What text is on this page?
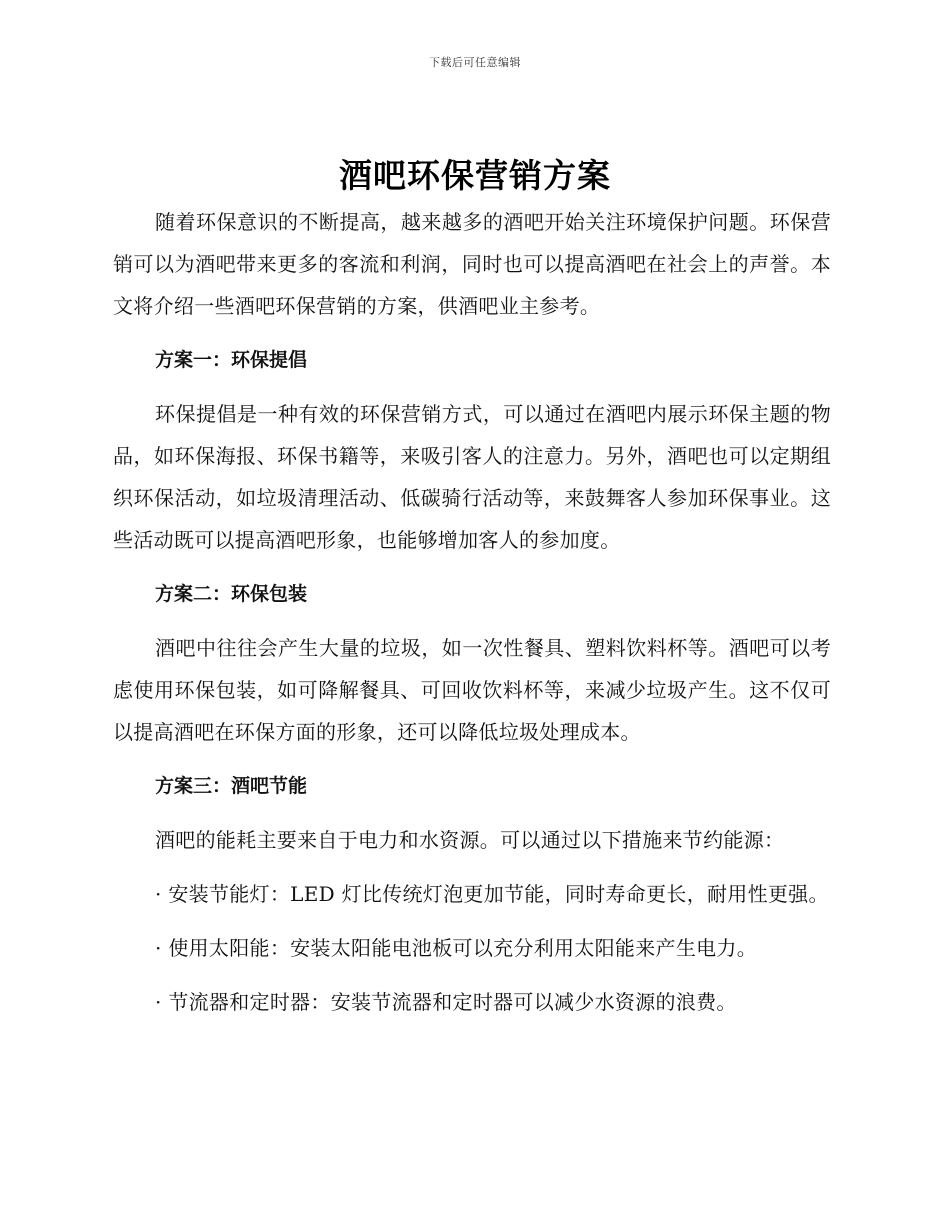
下载后可任意编辑
酒吧环保营销方案

随着环保意识的不断提高，越来越多的酒吧开始关注环境保护问题。环保营销可以为酒吧带来更多的客流和利润，同时也可以提高酒吧在社会上的声誉。本文将介绍一些酒吧环保营销的方案，供酒吧业主参考。

方案一：环保提倡

环保提倡是一种有效的环保营销方式，可以通过在酒吧内展示环保主题的物品，如环保海报、环保书籍等，来吸引客人的注意力。另外，酒吧也可以定期组织环保活动，如垃圾清理活动、低碳骑行活动等，来鼓舞客人参加环保事业。这些活动既可以提高酒吧形象，也能够增加客人的参加度。

方案二：环保包装

酒吧中往往会产生大量的垃圾，如一次性餐具、塑料饮料杯等。酒吧可以考虑使用环保包装，如可降解餐具、可回收饮料杯等，来减少垃圾产生。这不仅可以提高酒吧在环保方面的形象，还可以降低垃圾处理成本。

方案三：酒吧节能

酒吧的能耗主要来自于电力和水资源。可以通过以下措施来节约能源：

· 安装节能灯：LED 灯比传统灯泡更加节能，同时寿命更长，耐用性更强。

· 使用太阳能：安装太阳能电池板可以充分利用太阳能来产生电力。

· 节流器和定时器：安装节流器和定时器可以减少水资源的浪费。
